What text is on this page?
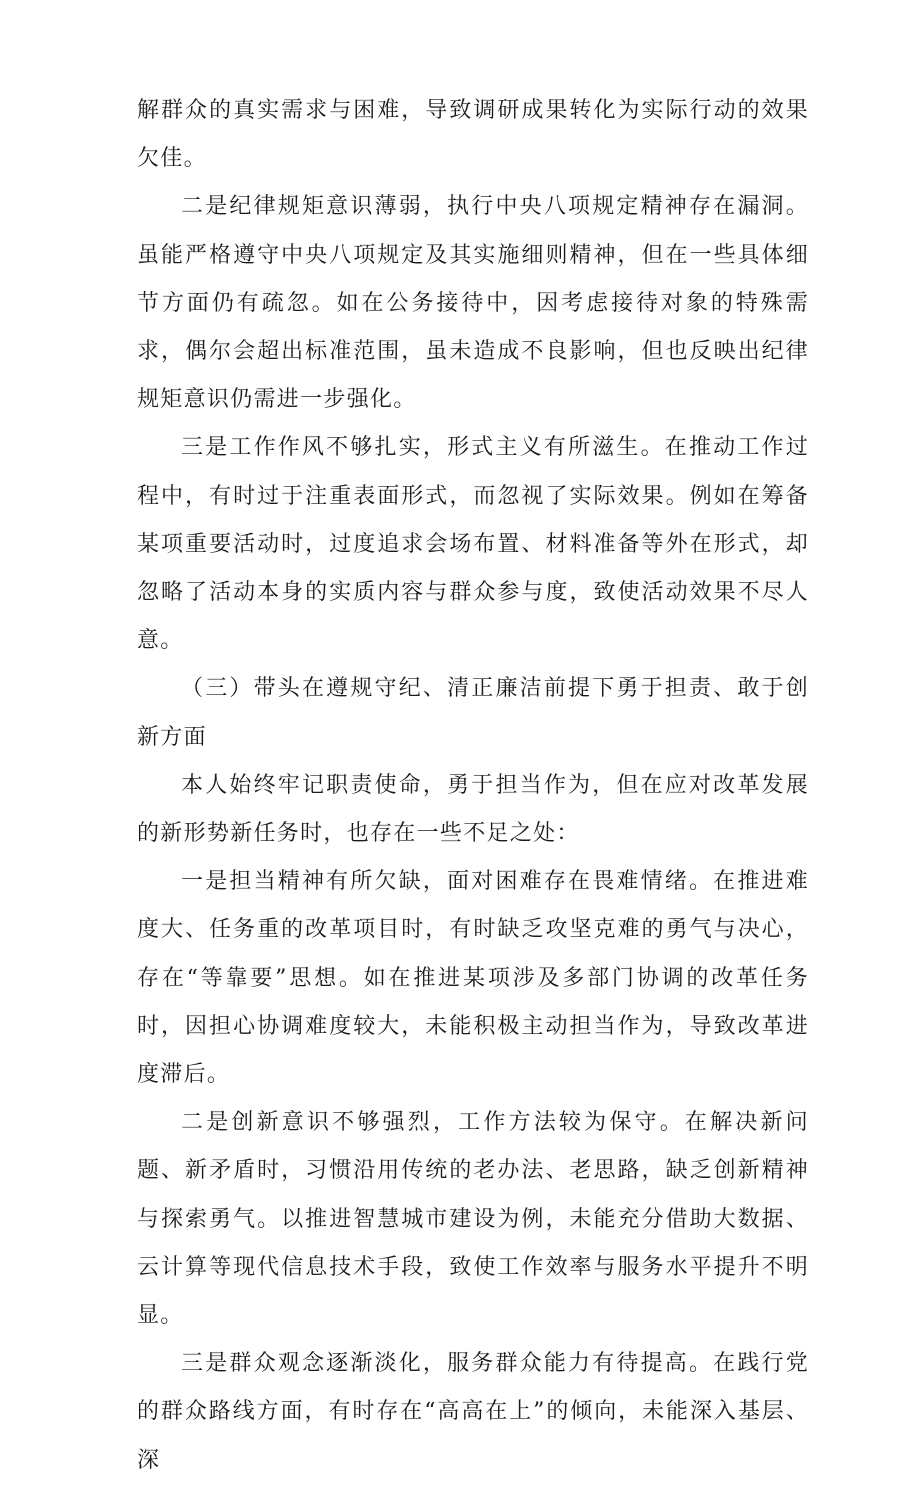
解群众的真实需求与困难，导致调研成果转化为实际行动的效果欠佳。

二是纪律规矩意识薄弱，执行中央八项规定精神存在漏洞。虽能严格遵守中央八项规定及其实施细则精神，但在一些具体细节方面仍有疏忽。如在公务接待中，因考虑接待对象的特殊需求，偶尔会超出标准范围，虽未造成不良影响，但也反映出纪律规矩意识仍需进一步强化。

三是工作作风不够扎实，形式主义有所滋生。在推动工作过程中，有时过于注重表面形式，而忽视了实际效果。例如在筹备某项重要活动时，过度追求会场布置、材料准备等外在形式，却忽略了活动本身的实质内容与群众参与度，致使活动效果不尽人意。

（三）带头在遵规守纪、清正廉洁前提下勇于担责、敢于创新方面

本人始终牢记职责使命，勇于担当作为，但在应对改革发展的新形势新任务时，也存在一些不足之处：

一是担当精神有所欠缺，面对困难存在畏难情绪。在推进难度大、任务重的改革项目时，有时缺乏攻坚克难的勇气与决心，存在“等靠要”思想。如在推进某项涉及多部门协调的改革任务时，因担心协调难度较大，未能积极主动担当作为，导致改革进度滞后。

二是创新意识不够强烈，工作方法较为保守。在解决新问题、新矛盾时，习惯沿用传统的老办法、老思路，缺乏创新精神与探索勇气。以推进智慧城市建设为例，未能充分借助大数据、云计算等现代信息技术手段，致使工作效率与服务水平提升不明显。

三是群众观念逐渐淡化，服务群众能力有待提高。在践行党的群众路线方面，有时存在“高高在上”的倾向，未能深入基层、深
